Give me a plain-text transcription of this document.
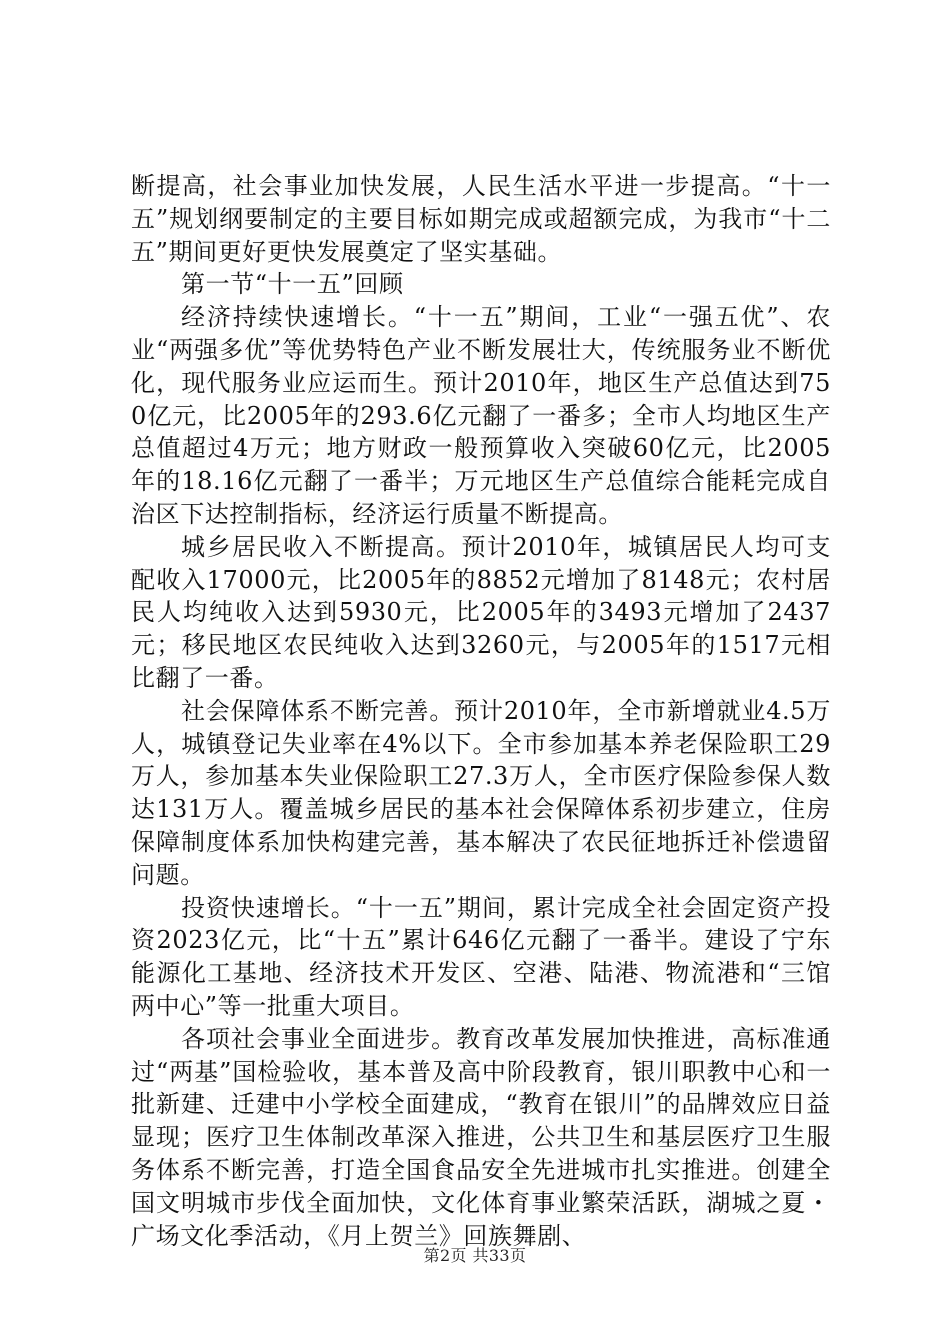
断提高，社会事业加快发展，人民生活水平进一步提高。“十一五”规划纲要制定的主要目标如期完成或超额完成，为我市“十二五”期间更好更快发展奠定了坚实基础。

第一节“十一五”回顾

经济持续快速增长。“十一五”期间，工业“一强五优”、农业“两强多优”等优势特色产业不断发展壮大，传统服务业不断优化，现代服务业应运而生。预计2010年，地区生产总值达到750亿元，比2005年的293.6亿元翻了一番多；全市人均地区生产总值超过4万元；地方财政一般预算收入突破60亿元，比2005年的18.16亿元翻了一番半；万元地区生产总值综合能耗完成自治区下达控制指标，经济运行质量不断提高。

城乡居民收入不断提高。预计2010年，城镇居民人均可支配收入17000元，比2005年的8852元增加了8148元；农村居民人均纯收入达到5930元，比2005年的3493元增加了2437元；移民地区农民纯收入达到3260元，与2005年的1517元相比翻了一番。

社会保障体系不断完善。预计2010年，全市新增就业4.5万人，城镇登记失业率在4%以下。全市参加基本养老保险职工29万人，参加基本失业保险职工27.3万人，全市医疗保险参保人数达131万人。覆盖城乡居民的基本社会保障体系初步建立，住房保障制度体系加快构建完善，基本解决了农民征地拆迁补偿遗留问题。

投资快速增长。“十一五”期间，累计完成全社会固定资产投资2023亿元，比“十五”累计646亿元翻了一番半。建设了宁东能源化工基地、经济技术开发区、空港、陆港、物流港和“三馆两中心”等一批重大项目。

各项社会事业全面进步。教育改革发展加快推进，高标准通过“两基”国检验收，基本普及高中阶段教育，银川职教中心和一批新建、迁建中小学校全面建成，“教育在银川”的品牌效应日益显现；医疗卫生体制改革深入推进，公共卫生和基层医疗卫生服务体系不断完善，打造全国食品安全先进城市扎实推进。创建全国文明城市步伐全面加快，文化体育事业繁荣活跃，湖城之夏・广场文化季活动，《月上贺兰》回族舞剧、

第2页 共33页
